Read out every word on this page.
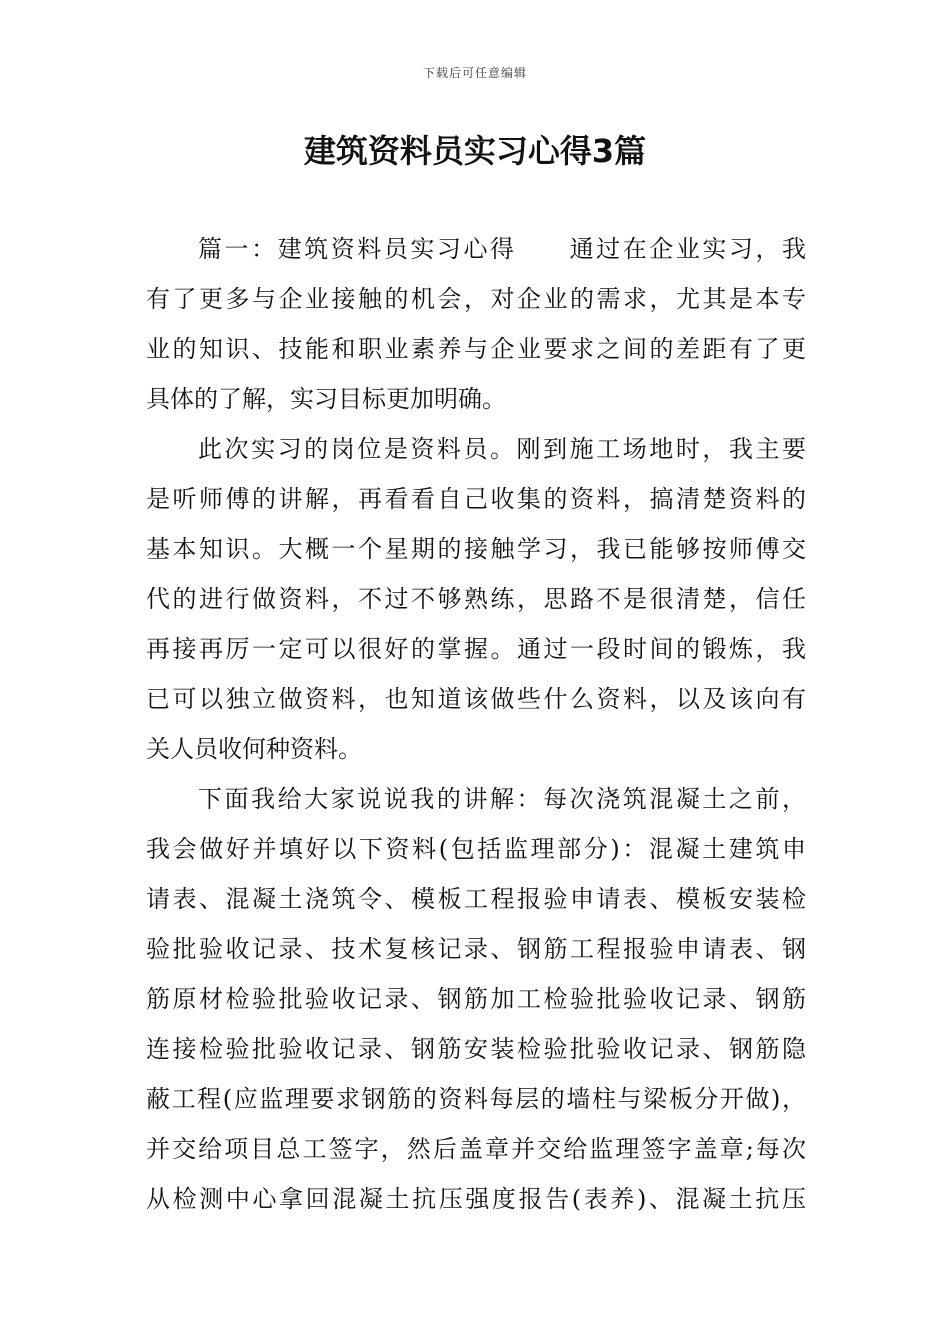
下载后可任意编辑
建筑资料员实习心得3篇
篇一：建筑资料员实习心得　　通过在企业实习，我
有了更多与企业接触的机会，对企业的需求，尤其是本专
业的知识、技能和职业素养与企业要求之间的差距有了更
具体的了解，实习目标更加明确。
此次实习的岗位是资料员。刚到施工场地时，我主要
是听师傅的讲解，再看看自己收集的资料，搞清楚资料的
基本知识。大概一个星期的接触学习，我已能够按师傅交
代的进行做资料，不过不够熟练，思路不是很清楚，信任
再接再厉一定可以很好的掌握。通过一段时间的锻炼，我
已可以独立做资料，也知道该做些什么资料，以及该向有
关人员收何种资料。
下面我给大家说说我的讲解：每次浇筑混凝土之前，
我会做好并填好以下资料(包括监理部分)：混凝土建筑申
请表、混凝土浇筑令、模板工程报验申请表、模板安装检
验批验收记录、技术复核记录、钢筋工程报验申请表、钢
筋原材检验批验收记录、钢筋加工检验批验收记录、钢筋
连接检验批验收记录、钢筋安装检验批验收记录、钢筋隐
蔽工程(应监理要求钢筋的资料每层的墙柱与梁板分开做)，
并交给项目总工签字，然后盖章并交给监理签字盖章;每次
从检测中心拿回混凝土抗压强度报告(表养)、混凝土抗压
